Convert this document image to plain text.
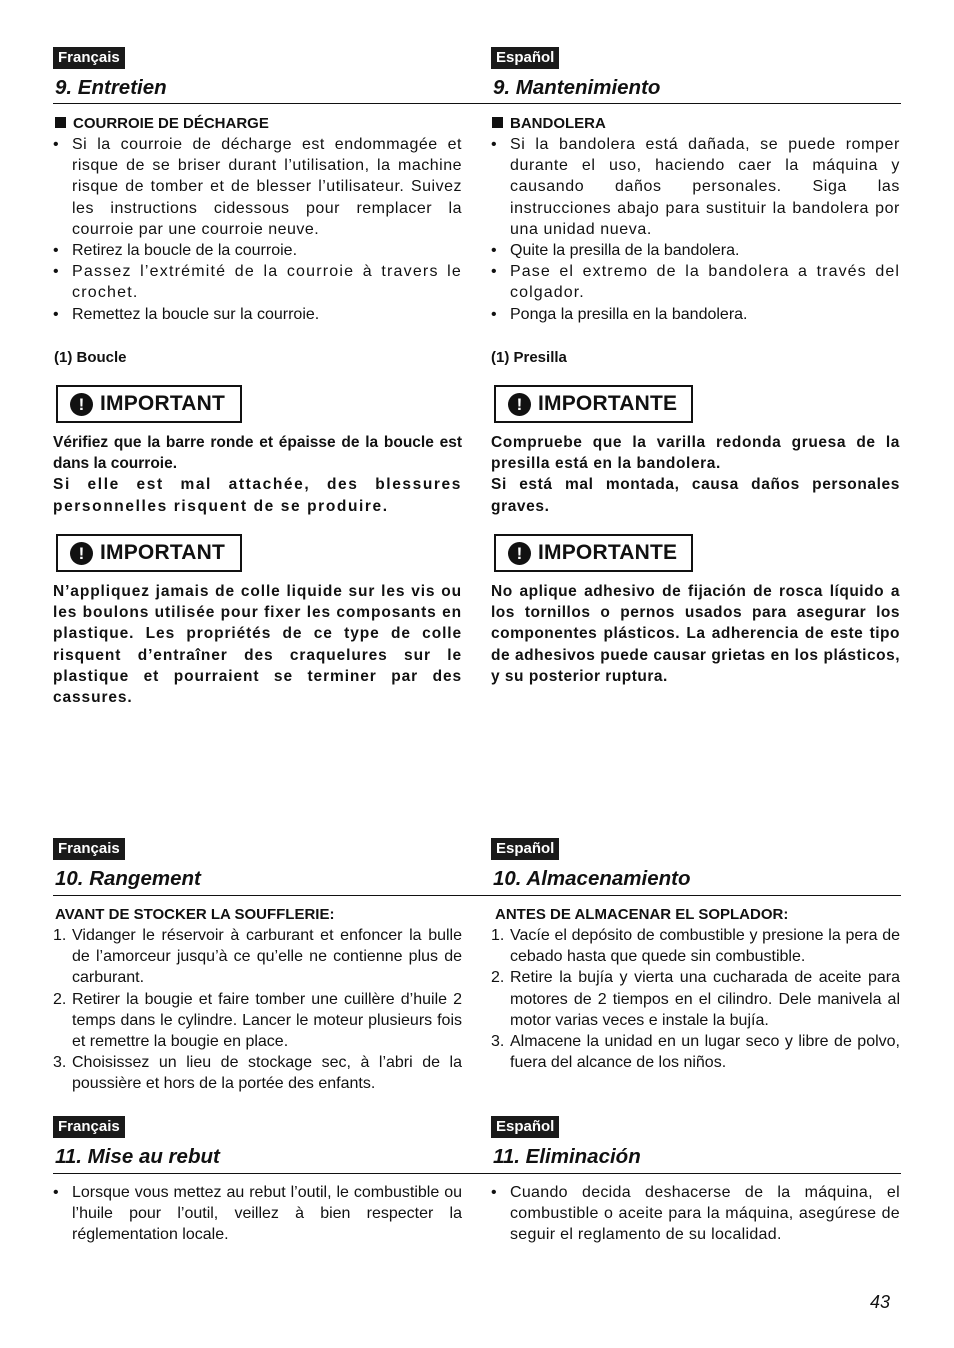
Français	Español
9. Entretien	9. Mantenimiento
COURROIE DE DÉCHARGE	BANDOLERA
• Si la courroie de décharge est endommagée et risque de se briser durant l’utilisation, la machine risque de tomber et de blesser l’utilisateur. Suivez les instructions cidessous pour remplacer la courroie par une courroie neuve.
• Retirez la boucle de la courroie.
• Passez l’extrémité de la courroie à travers le crochet.
• Remettez la boucle sur la courroie.
• Si la bandolera está dañada, se puede romper durante el uso, haciendo caer la máquina y causando daños personales. Siga las instrucciones abajo para sustituir la bandolera por una unidad nueva.
• Quite la presilla de la bandolera.
• Pase el extremo de la bandolera a través del colgador.
• Ponga la presilla en la bandolera.
(1) Boucle	(1) Presilla
! IMPORTANT	! IMPORTANTE
Vérifiez que la barre ronde et épaisse de la boucle est dans la courroie.
Si elle est mal attachée, des blessures personnelles risquent de se produire.
Compruebe que la varilla redonda gruesa de la presilla está en la bandolera.
Si está mal montada, causa daños personales graves.
! IMPORTANT	! IMPORTANTE
N’appliquez jamais de colle liquide sur les vis ou les boulons utilisée pour fixer les composants en plastique. Les propriétés de ce type de colle risquent d’entraîner des craquelures sur le plastique et pourraient se terminer par des cassures.
No aplique adhesivo de fijación de rosca líquido a los tornillos o pernos usados para asegurar los componentes plásticos. La adherencia de este tipo de adhesivos puede causar grietas en los plásticos, y su posterior ruptura.
Français	Español
10. Rangement	10. Almacenamiento
AVANT DE STOCKER LA SOUFFLERIE:	ANTES DE ALMACENAR EL SOPLADOR:
1. Vidanger le réservoir à carburant et enfoncer la bulle de l’amorceur jusqu’à ce qu’elle ne contienne plus de carburant.
2. Retirer la bougie et faire tomber une cuillère d’huile 2 temps dans le cylindre. Lancer le moteur plusieurs fois et remettre la bougie en place.
3. Choisissez un lieu de stockage sec, à l’abri de la poussière et hors de la portée des enfants.
1. Vacíe el depósito de combustible y presione la pera de cebado hasta que quede sin combustible.
2. Retire la bujía y vierta una cucharada de aceite para motores de 2 tiempos en el cilindro. Dele manivela al motor varias veces e instale la bujía.
3. Almacene la unidad en un lugar seco y libre de polvo, fuera del alcance de los niños.
Français	Español
11. Mise au rebut	11. Eliminación
• Lorsque vous mettez au rebut l’outil, le combustible ou l’huile pour l’outil, veillez à bien respecter la réglementation locale.
• Cuando decida deshacerse de la máquina, el combustible o aceite para la máquina, asegúrese de seguir el reglamento de su localidad.
43
